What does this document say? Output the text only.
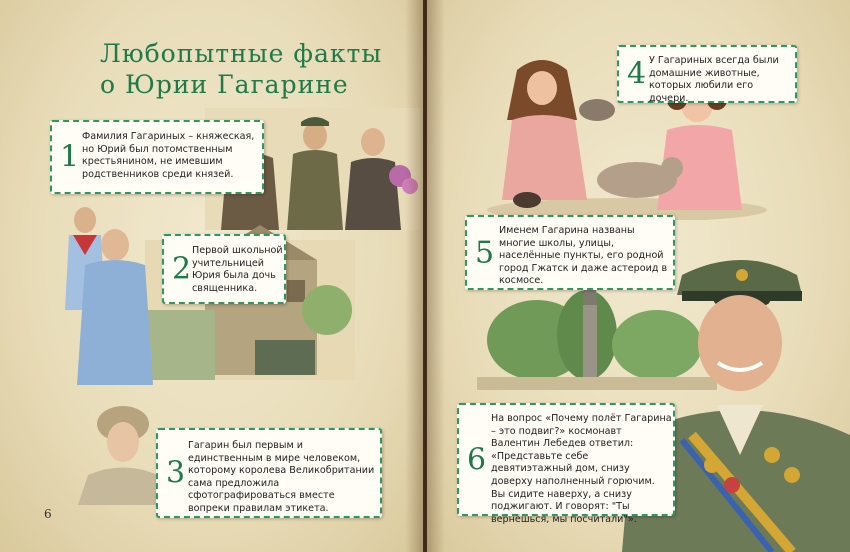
Любопытные факты
о Юрии Гагарине
1
Фамилия Гагариных – княжеская, но Юрий был потомственным крестьянином, не имевшим родственников среди князей.
2
Первой школьной учительницей Юрия была дочь священника.
3
Гагарин был первым и единственным в мире человеком, которому королева Великобритании сама предложила сфотографироваться вместе вопреки правилам этикета.
6
4 У Гагариных всегда были домашние животные, которых любили его дочери.
5
Именем Гагарина названы многие школы, улицы, населённые пункты, его родной город Гжатск и даже астероид в космосе.
6
На вопрос «Почему полёт Гагарина – это подвиг?» космонавт Валентин Лебедев ответил: «Представьте себе девятиэтажный дом, снизу доверху наполненный горючим. Вы сидите наверху, а снизу поджигают. И говорят: "Ты вернёшься, мы посчитали"».
